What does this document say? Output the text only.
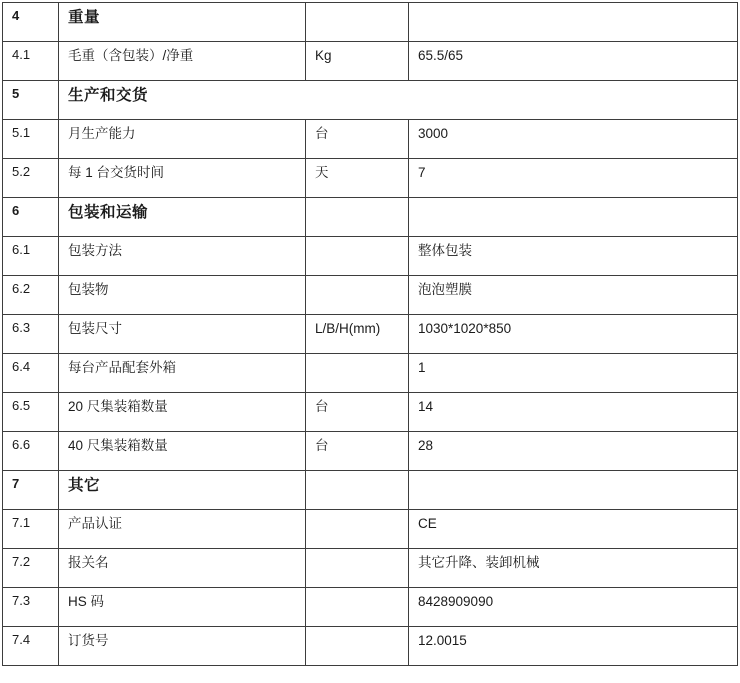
4	重量		
4.1	毛重（含包装）/净重	Kg	65.5/65
5	生产和交货		
5.1	月生产能力	台	3000
5.2	每 1 台交货时间	天	7
6	包装和运输		
6.1	包装方法		整体包装
6.2	包装物		泡泡塑膜
6.3	包装尺寸	L/B/H(mm)	1030*1020*850
6.4	每台产品配套外箱		1
6.5	20 尺集装箱数量	台	14
6.6	40 尺集装箱数量	台	28
7	其它		
7.1	产品认证		CE
7.2	报关名		其它升降、装卸机械
7.3	HS 码		8428909090
7.4	订货号		12.0015
